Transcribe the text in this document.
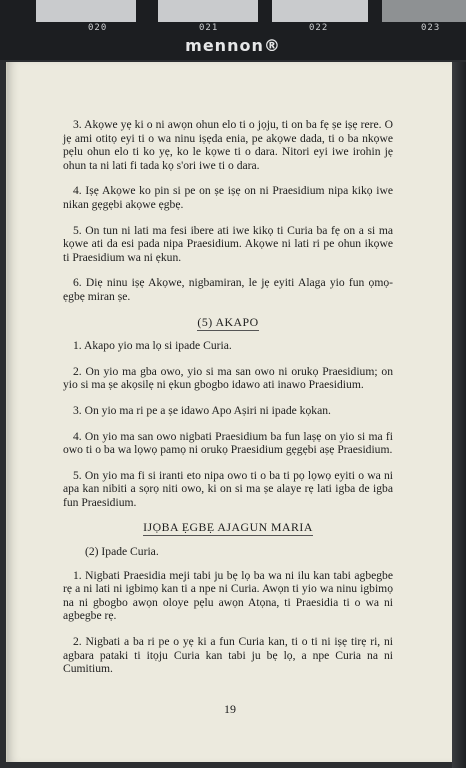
020	021	022	023
mennon®

3. Akọwe yẹ ki o ni awọn ohun elo ti o jọju, ti on ba fẹ ṣe iṣẹ rere. O jẹ ami otitọ eyi ti o wa ninu iṣẹda enia, pe akọwe dada, ti o ba nkọwe pẹlu ohun elo ti ko yẹ, ko le kọwe ti o dara. Nitori eyi iwe irohin jẹ ohun ta ni lati fi tada kọ s'ori iwe ti o dara.

4. Iṣẹ Akọwe ko pin si pe on ṣe iṣẹ on ni Praesidium nipa kikọ iwe nikan gẹgẹbi akọwe ẹgbẹ.

5. On tun ni lati ma fesi ibere ati iwe kikọ ti Curia ba fẹ on a si ma kọwe ati da esi pada nipa Praesidium. Akọwe ni lati ri pe ohun ikọwe ti Praesidium wa ni ẹkun.

6. Diẹ ninu iṣẹ Akọwe, nigbamiran, le jẹ eyiti Alaga yio fun ọmọ-ẹgbẹ miran ṣe.

(5) AKAPO

1. Akapo yio ma lọ si ipade Curia.

2. On yio ma gba owo, yio si ma san owo ni orukọ Praesidium; on yio si ma ṣe akọsilẹ ni ẹkun gbogbo idawo ati inawo Praesidium.

3. On yio ma ri pe a ṣe idawo Apo Aṣiri ni ipade kọkan.

4. On yio ma san owo nigbati Praesidium ba fun laṣẹ on yio si ma fi owo ti o ba wa lọwọ pamọ ni orukọ Praesidium gẹgẹbi aṣẹ Praesidium.

5. On yio ma fi si iranti eto nipa owo ti o ba ti pọ lọwọ eyiti o wa ni apa kan nibiti a sọrọ niti owo, ki on si ma ṣe alaye rẹ lati igba de igba fun Praesidium.

IJỌBA ẸGBẸ AJAGUN MARIA
(2) Ipade Curia.

1. Nigbati Praesidia meji tabi ju bẹ lọ ba wa ni ilu kan tabi agbegbe rẹ a ni lati ni igbimọ kan ti a npe ni Curia. Awọn ti yio wa ninu igbimọ na ni gbogbo awọn oloye pẹlu awọn Atọna, ti Praesidia ti o wa ni agbegbe rẹ.

2. Nigbati a ba ri pe o yẹ ki a fun Curia kan, ti o ti ni iṣẹ tirẹ ri, ni agbara pataki ti itọju Curia kan tabi ju bẹ lọ, a npe Curia na ni Cumitium.

19
